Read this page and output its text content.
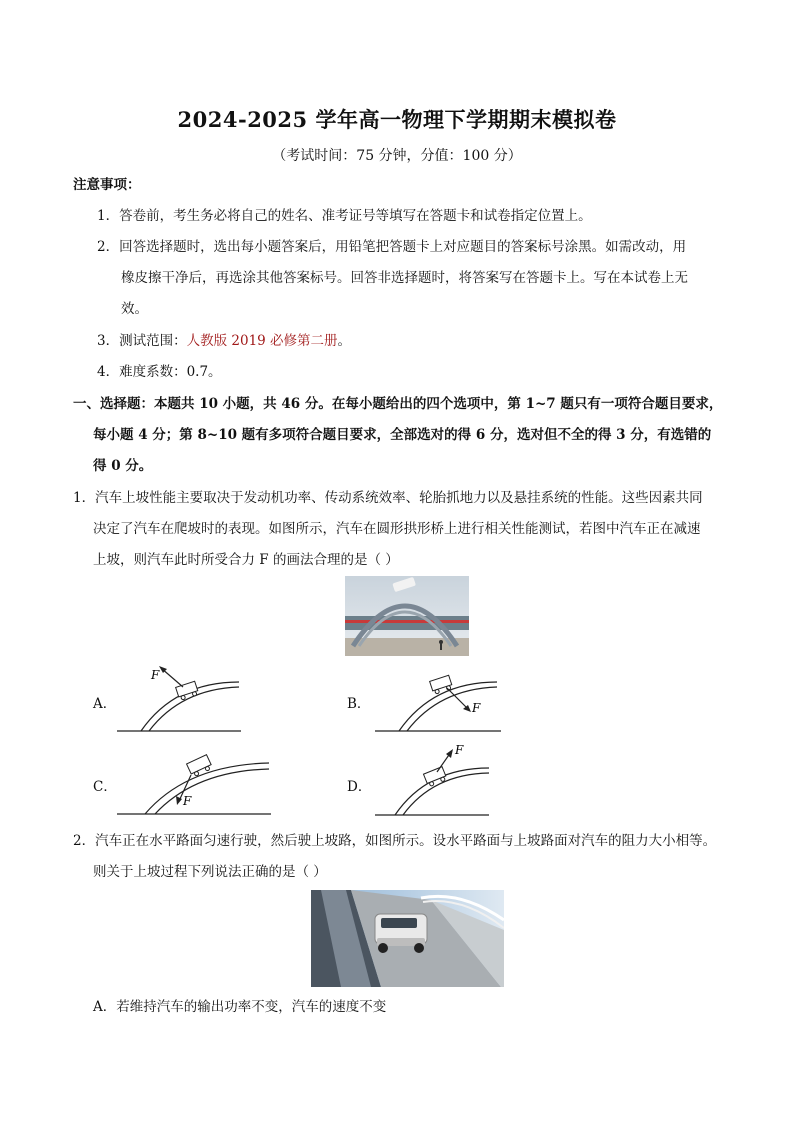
2024-2025 学年高一物理下学期期末模拟卷
（考试时间：75 分钟，分值：100 分）
注意事项：
1．答卷前，考生务必将自己的姓名、准考证号等填写在答题卡和试卷指定位置上。
2．回答选择题时，选出每小题答案后，用铅笔把答题卡上对应题目的答案标号涂黑。如需改动，用
橡皮擦干净后，再选涂其他答案标号。回答非选择题时，将答案写在答题卡上。写在本试卷上无
效。
3．测试范围：人教版 2019 必修第二册。
4．难度系数：0.7。
一、选择题：本题共 10 小题，共 46 分。在每小题给出的四个选项中，第 1~7 题只有一项符合题目要求，
每小题 4 分；第 8~10 题有多项符合题目要求，全部选对的得 6 分，选对但不全的得 3 分，有选错的
得 0 分。
1．汽车上坡性能主要取决于发动机功率、传动系统效率、轮胎抓地力以及悬挂系统的性能。这些因素共同
决定了汽车在爬坡时的表现。如图所示，汽车在圆形拱形桥上进行相关性能测试，若图中汽车正在减速
上坡，则汽车此时所受合力 F 的画法合理的是（ ）
A．
F
B．	F
C．
F
D．
F
2．汽车正在水平路面匀速行驶，然后驶上坡路，如图所示。设水平路面与上坡路面对汽车的阻力大小相等。
则关于上坡过程下列说法正确的是（ ）
A．若维持汽车的输出功率不变，汽车的速度不变
